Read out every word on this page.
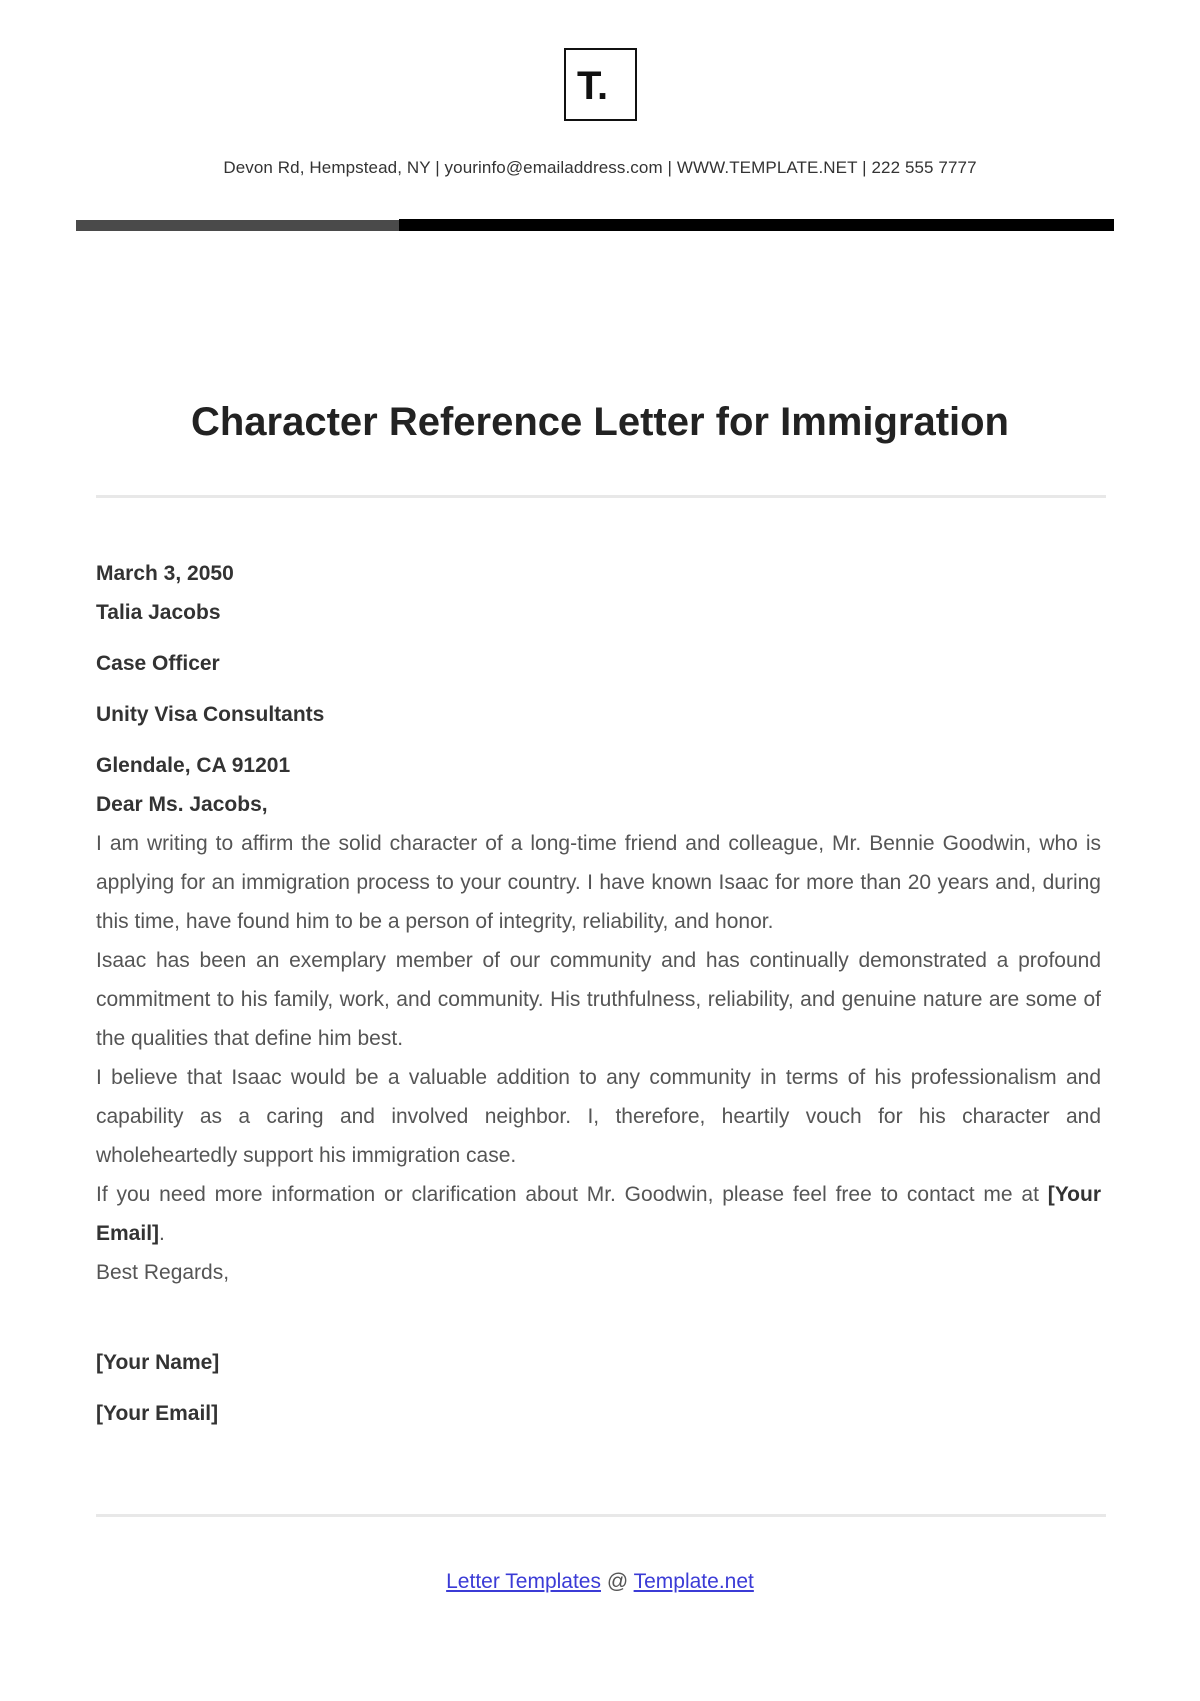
T.
Devon Rd, Hempstead, NY | yourinfo@emailaddress.com | WWW.TEMPLATE.NET | 222 555 7777
Character Reference Letter for Immigration

March 3, 2050

Talia Jacobs

Case Officer

Unity Visa Consultants

Glendale, CA 91201

Dear Ms. Jacobs,

I am writing to affirm the solid character of a long-time friend and colleague, Mr. Bennie Goodwin, who is applying for an immigration process to your country. I have known Isaac for more than 20 years and, during this time, have found him to be a person of integrity, reliability, and honor.

Isaac has been an exemplary member of our community and has continually demonstrated a profound commitment to his family, work, and community. His truthfulness, reliability, and genuine nature are some of the qualities that define him best.

I believe that Isaac would be a valuable addition to any community in terms of his professionalism and capability as a caring and involved neighbor. I, therefore, heartily vouch for his character and wholeheartedly support his immigration case.

If you need more information or clarification about Mr. Goodwin, please feel free to contact me at [Your Email].

Best Regards,

[Your Name]

[Your Email]

Letter Templates @ Template.net
